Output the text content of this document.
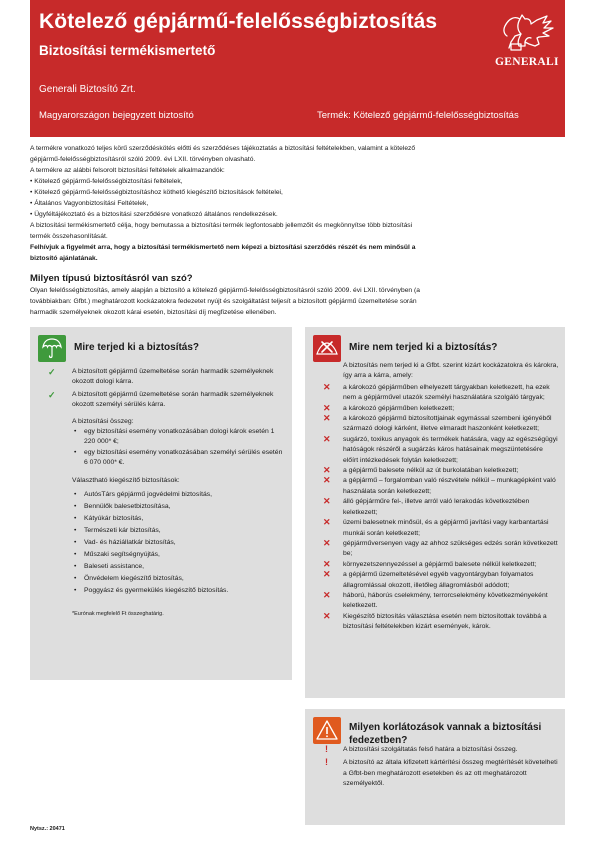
Kötelező gépjármű-felelősségbiztosítás
Biztosítási termékismertető
Generali Biztosító Zrt.
Magyarországon bejegyzett biztosító	Termék: Kötelező gépjármű-felelősségbiztosítás
GENERALI

A termékre vonatkozó teljes körű szerződéskötés előtti és szerződéses tájékoztatás a biztosítási feltételekben, valamint a kötelező

gépjármű-felelősségbiztosításról szóló 2009. évi LXII. törvényben olvasható.

A termékre az alábbi felsorolt biztosítási feltételek alkalmazandók:

• Kötelező gépjármű-felelősségbiztosítási feltételek,

• Kötelező gépjármű-felelősségbiztosításhoz köthető kiegészítő biztosítások feltételei,

• Általános Vagyonbiztosítási Feltételek,

• Ügyféltájékoztató és a biztosítási szerződésre vonatkozó általános rendelkezések.

A biztosítási termékismertető célja, hogy bemutassa a biztosítási termék legfontosabb jellemzőit és megkönnyítse több biztosítási

termék összehasonlítását.

Felhívjuk a figyelmét arra, hogy a biztosítási termékismertető nem képezi a biztosítási szerződés részét és nem minősül a

biztosító ajánlatának.

Milyen típusú biztosításról van szó?

Olyan felelősségbiztosítás, amely alapján a biztosító a kötelező gépjármű-felelősségbiztosításról szóló 2009. évi LXII. törvényben (a

továbbiakban: Gfbt.) meghatározott kockázatokra fedezetet nyújt és szolgáltatást teljesít a biztosított gépjármű üzemeltetése során

harmadik személyeknek okozott kárai esetén, biztosítási díj megfizetése ellenében.

Mire terjed ki a biztosítás?
✓ A biztosított gépjármű üzemeltetése során harmadik személyeknek okozott dologi kárra.
✓ A biztosított gépjármű üzemeltetése során harmadik személyeknek okozott személyi sérülés kárra.
A biztosítási összeg:
• egy biztosítási esemény vonatkozásában dologi károk esetén 1 220 000* €;
• egy biztosítási esemény vonatkozásában személyi sérülés esetén 6 070 000* €.
Választható kiegészítő biztosítások:
• AutósTárs gépjármű jogvédelmi biztosítás,
• Bennülők balesetbiztosítása,
• Kátyúkár biztosítás,
• Természeti kár biztosítás,
• Vad- és háziállatkár biztosítás,
• Műszaki segítségnyújtás,
• Baleseti assistance,
• Önvédelem kiegészítő biztosítás,
• Poggyász és gyermekülés kiegészítő biztosítás.
*Eurónak megfelelő Ft összeghatárig.
Mire nem terjed ki a biztosítás?
A biztosítás nem terjed ki a Gfbt. szerint kizárt kockázatokra és károkra, így arra a kárra, amely:
✕ a károkozó gépjárműben elhelyezett tárgyakban keletkezett, ha ezek nem a gépjárművel utazók személyi használatára szolgáló tárgyak;
✕ a károkozó gépjárműben keletkezett;
✕ a károkozó gépjármű biztosítottjainak egymással szembeni igényéből származó dologi kárként, illetve elmaradt haszonként keletkezett;
✕ sugárzó, toxikus anyagok és termékek hatására, vagy az egészségügyi hatóságok részéről a sugárzás káros hatásainak megszüntetésére előírt intézkedések folytán keletkezett;
✕ a gépjármű balesete nélkül az út burkolatában keletkezett;
✕ a gépjármű – forgalomban való részvétele nélkül – munkagépként való használata során keletkezett;
✕ álló gépjárműre fel-, illetve arról való lerakodás következtében keletkezett;
✕ üzemi balesetnek minősül, és a gépjármű javítási vagy karbantartási munkái során keletkezett;
✕ gépjárműversenyen vagy az ahhoz szükséges edzés során következett be;
✕ környezetszennyezéssel a gépjármű balesete nélkül keletkezett;
✕ a gépjármű üzemeltetésével egyéb vagyontárgyban folyamatos állagromlással okozott, illetőleg állagromlásból adódott;
✕ háború, háborús cselekmény, terrorcselekmény következményeként keletkezett.
✕ Kiegészítő biztosítás választása esetén nem biztosítottak továbbá a biztosítási feltételekben kizárt események, károk.
Milyen korlátozások vannak a biztosítási fedezetben?
! A biztosítási szolgáltatás felső határa a biztosítási összeg.
! A biztosító az általa kifizetett kártérítési összeg megtérítését követelheti a Gfbt-ben meghatározott esetekben és az ott meghatározott személyektől.
Nytsz.: 20471
